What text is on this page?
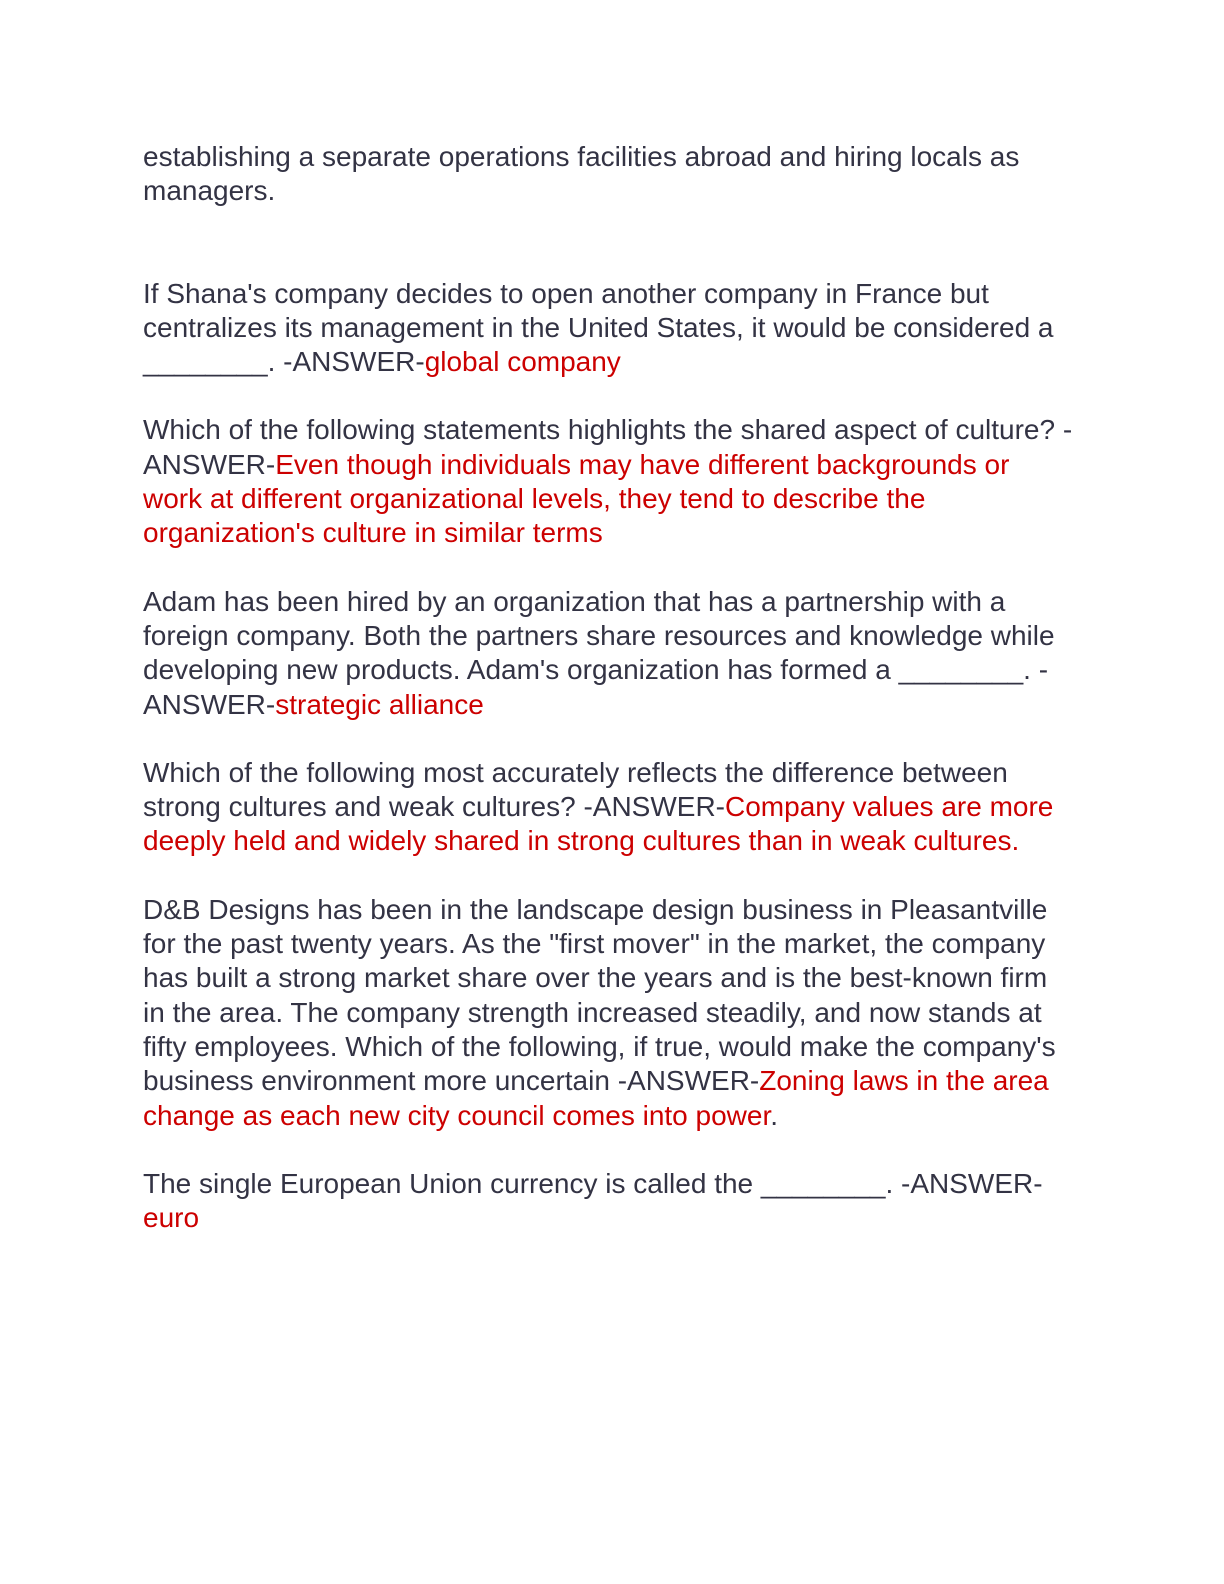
establishing a separate operations facilities abroad and hiring locals as managers.

If Shana's company decides to open another company in France but centralizes its management in the United States, it would be considered a ________. -ANSWER-global company

Which of the following statements highlights the shared aspect of culture? -ANSWER-Even though individuals may have different backgrounds or work at different organizational levels, they tend to describe the organization's culture in similar terms

Adam has been hired by an organization that has a partnership with a foreign company. Both the partners share resources and knowledge while developing new products. Adam's organization has formed a ________. -ANSWER-strategic alliance

Which of the following most accurately reflects the difference between strong cultures and weak cultures? -ANSWER-Company values are more deeply held and widely shared in strong cultures than in weak cultures.

D&B Designs has been in the landscape design business in Pleasantville for the past twenty years. As the "first mover" in the market, the company has built a strong market share over the years and is the best-known firm in the area. The company strength increased steadily, and now stands at fifty employees. Which of the following, if true, would make the company's business environment more uncertain -ANSWER-Zoning laws in the area change as each new city council comes into power.

The single European Union currency is called the ________. -ANSWER-euro
